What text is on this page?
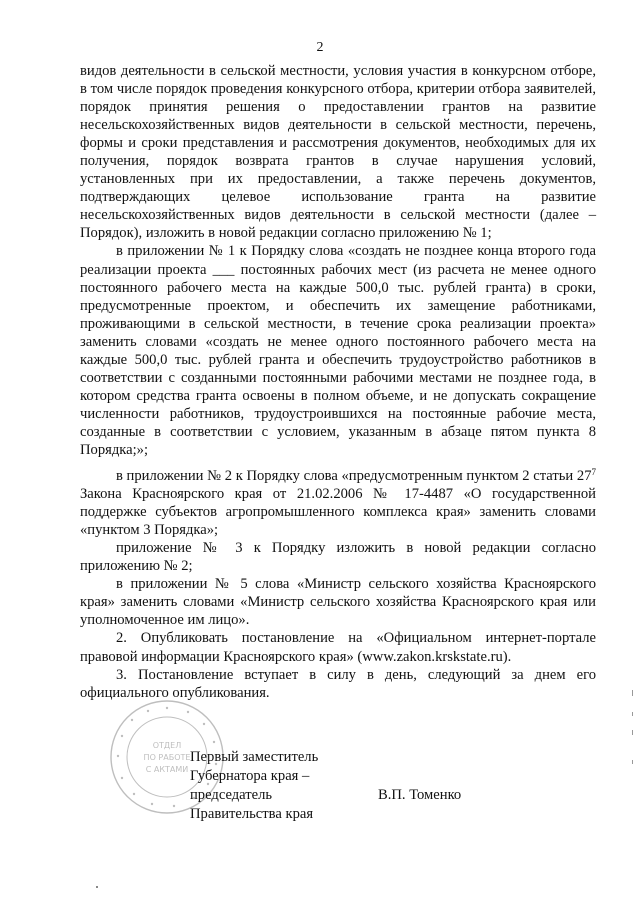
2

видов деятельности в сельской местности, условия участия в конкурсном отборе, в том числе порядок проведения конкурсного отбора, критерии отбора заявителей, порядок принятия решения о предоставлении грантов на развитие несельскохозяйственных видов деятельности в сельской местности, перечень, формы и сроки представления и рассмотрения документов, необходимых для их получения, порядок возврата грантов в случае нарушения условий, установленных при их предоставлении, а также перечень документов, подтверждающих целевое использование гранта на развитие несельскохозяйственных видов деятельности в сельской местности (далее – Порядок), изложить в новой редакции согласно приложению № 1;

в приложении № 1 к Порядку слова «создать не позднее конца второго года реализации проекта ___ постоянных рабочих мест (из расчета не менее одного постоянного рабочего места на каждые 500,0 тыс. рублей гранта) в сроки, предусмотренные проектом, и обеспечить их замещение работниками, проживающими в сельской местности, в течение срока реализации проекта» заменить словами «создать не менее одного постоянного рабочего места на каждые 500,0 тыс. рублей гранта и обеспечить трудоустройство работников в соответствии с созданными постоянными рабочими местами не позднее года, в котором средства гранта освоены в полном объеме, и не допускать сокращение численности работников, трудоустроившихся на постоянные рабочие места, созданные в соответствии с условием, указанным в абзаце пятом пункта 8 Порядка;»;

в приложении № 2 к Порядку слова «предусмотренным пунктом 2 статьи $27^7$ Закона Красноярского края от 21.02.2006 № 17-4487 «О государственной поддержке субъектов агропромышленного комплекса края» заменить словами «пунктом 3 Порядка»;

приложение № 3 к Порядку изложить в новой редакции согласно приложению № 2;

в приложении № 5 слова «Министр сельского хозяйства Красноярского края» заменить словами «Министр сельского хозяйства Красноярского края или уполномоченное им лицо».

2. Опубликовать постановление на «Официальном интернет-портале правовой информации Красноярского края» (www.zakon.krskstate.ru).

3. Постановление вступает в силу в день, следующий за днем его официального опубликования.

ОТДЕЛ
ПО РАБОТЕ
С АКТАМИ
Первый заместитель
Губернатора края –
председатель
Правительства края
В.П. Томенко
